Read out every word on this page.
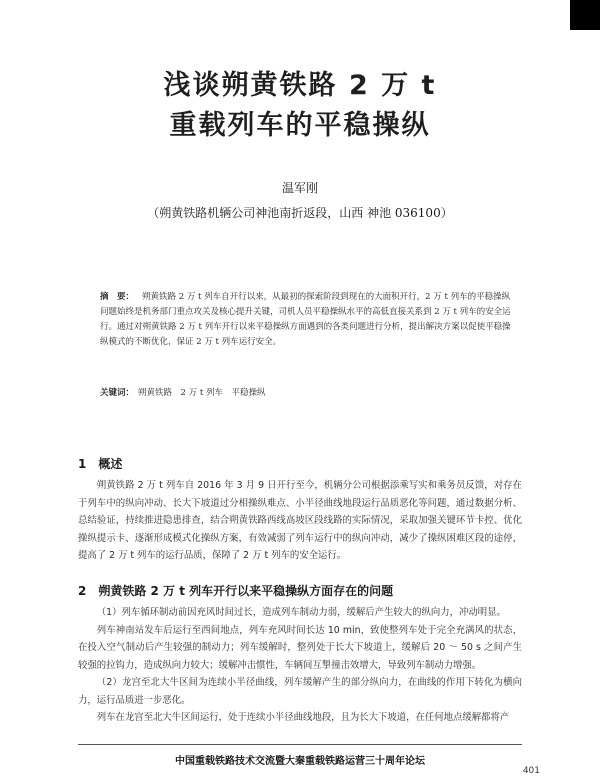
浅谈朔黄铁路 2 万 t
重载列车的平稳操纵
温军刚
（朔黄铁路机辆公司神池南折返段，山西 神池 036100）
摘　要： 朔黄铁路 2 万 t 列车自开行以来，从最初的探索阶段到现在的大面积开行，2 万 t 列车的平稳操纵问题始终是机务部门重点攻关及核心提升关键，司机人员平稳操纵水平的高低直接关系到 2 万 t 列车的安全运行。通过对朔黄铁路 2 万 t 列车开行以来平稳操纵方面遇到的各类问题进行分析，提出解决方案以促使平稳操纵模式的不断优化，保证 2 万 t 列车运行安全。
关键词： 朔黄铁路　2 万 t 列车　平稳操纵
1　概述

朔黄铁路 2 万 t 列车自 2016 年 3 月 9 日开行至今，机辆分公司根据添乘写实和乘务员反馈，对存在于列车中的纵向冲动、长大下坡道过分相操纵难点、小半径曲线地段运行品质恶化等问题，通过数据分析、总结验证，持续推进隐患排查，结合朔黄铁路西线高坡区段线路的实际情况，采取加强关键环节卡控、优化操纵提示卡、逐渐形成模式化操纵方案，有效减弱了列车运行中的纵向冲动，减少了操纵困难区段的途停，提高了 2 万 t 列车的运行品质，保障了 2 万 t 列车的安全运行。

2　朔黄铁路 2 万 t 列车开行以来平稳操纵方面存在的问题

（1）列车循环制动前因充风时间过长，造成列车制动力弱，缓解后产生较大的纵向力，冲动明显。

列车神南站发车后运行至西间地点，列车充风时间长达 10 min，致使整列车处于完全充满风的状态，在投入空气制动后产生较强的制动力；列车缓解时，整列处于长大下坡道上，缓解后 20 ～ 50 s 之间产生较强的拉钩力，造成纵向力较大；缓解冲击惯性，车辆间互掣撞击效增大，导致列车制动力增强。

（2）龙宫至北大牛区间为连续小半径曲线，列车缓解产生的部分纵向力，在曲线的作用下转化为横向力，运行品质进一步恶化。

列车在龙宫至北大牛区间运行，处于连续小半径曲线地段，且为长大下坡道，在任何地点缓解都将产

中国重载铁路技术交流暨大秦重载铁路运营三十周年论坛
401
